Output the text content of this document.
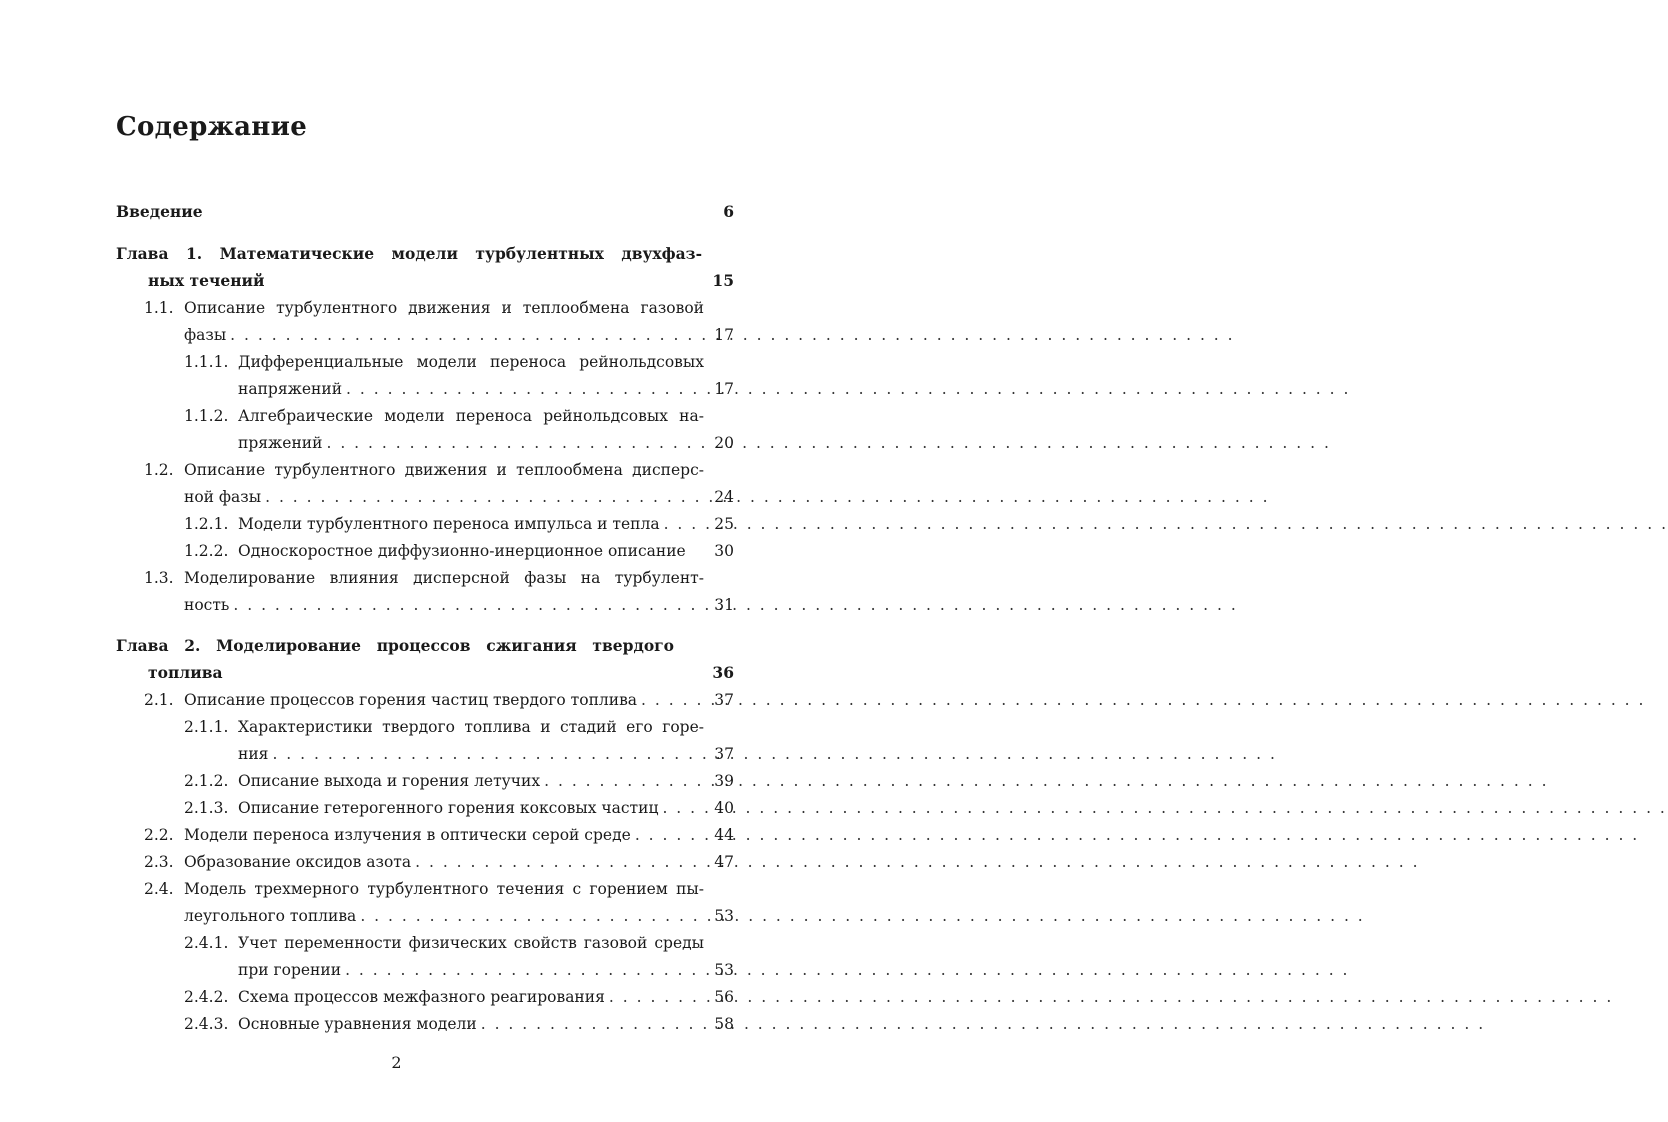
Содержание
Введение	6
Глава 1. Математические модели турбулентных двухфаз-
ных течений	15
1.1. Описание турбулентного движения и теплообмена газовой
фазы . . .	17
1.1.1. Дифференциальные модели переноса рейнольдсовых
напряжений . . .	17
1.1.2. Алгебраические модели переноса рейнольдсовых на-
пряжений . . .	20
1.2. Описание турбулентного движения и теплообмена дисперс-
ной фазы . . .	24
1.2.1. Модели турбулентного переноса импульса и тепла . . .	25
1.2.2. Односкоростное диффузионно-инерционное описание	30
1.3. Моделирование влияния дисперсной фазы на турбулент-
ность . . .	31
Глава 2. Моделирование процессов сжигания твердого
топлива	36
2.1. Описание процессов горения частиц твердого топлива . . .	37
2.1.1. Характеристики твердого топлива и стадий его горе-
ния . . .	37
2.1.2. Описание выхода и горения летучих . . .	39
2.1.3. Описание гетерогенного горения коксовых частиц . . .	40
2.2. Модели переноса излучения в оптически серой среде . . .	44
2.3. Образование оксидов азота . . .	47
2.4. Модель трехмерного турбулентного течения с горением пы-
леугольного топлива . . .	53
2.4.1. Учет переменности физических свойств газовой среды
при горении . . .	53
2.4.2. Схема процессов межфазного реагирования . . .	56
2.4.3. Основные уравнения модели . . .	58
2
